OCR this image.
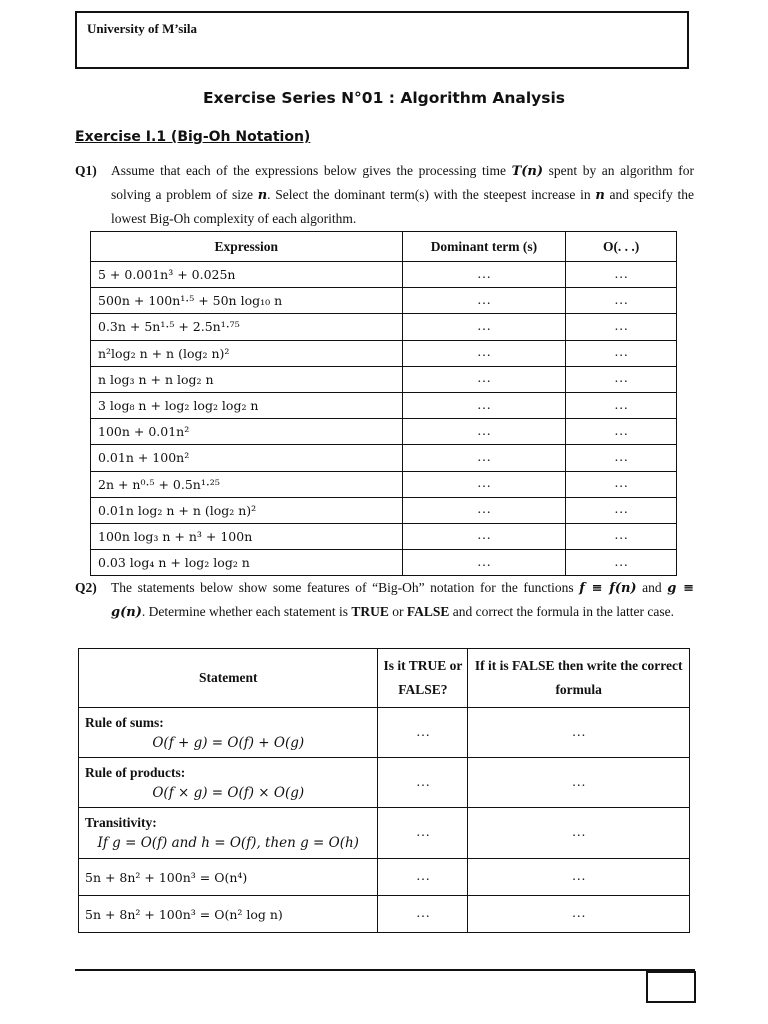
University of M’sila
Exercise Series N°01 : Algorithm Analysis
Exercise I.1 (Big-Oh Notation)
Q1) Assume that each of the expressions below gives the processing time T(n) spent by an algorithm for solving a problem of size n. Select the dominant term(s) with the steepest increase in n and specify the lowest Big-Oh complexity of each algorithm.
Expression	Dominant term (s)	O(. . .)
5 + 0.001n³ + 0.025n	…	…
500n + 100n¹·⁵ + 50n log₁₀ n	…	…
0.3n + 5n¹·⁵ + 2.5n¹·⁷⁵	…	…
n²log₂ n + n (log₂ n)²	…	…
n log₃ n + n log₂ n	…	…
3 log₈ n + log₂ log₂ log₂ n	…	…
100n + 0.01n²	…	…
0.01n + 100n²	…	…
2n + n⁰·⁵ + 0.5n¹·²⁵	…	…
0.01n log₂ n + n (log₂ n)²	…	…
100n log₃ n + n³ + 100n	…	…
0.03 log₄ n + log₂ log₂ n	…	…
Q2) The statements below show some features of “Big-Oh” notation for the functions f ≡ f(n) and g ≡ g(n). Determine whether each statement is TRUE or FALSE and correct the formula in the latter case.
Statement	Is it TRUE or FALSE?	If it is FALSE then write the correct formula

Rule of sums:
O(f + g) = O(f) + O(g)	…	…

Rule of products:
O(f × g) = O(f) × O(g)	…	…

Transitivity:
If g = O(f) and h = O(f), then g = O(h)	…	…

5n + 8n² + 100n³ = O(n⁴)	…	…

5n + 8n² + 100n³ = O(n² log n)	…	…
